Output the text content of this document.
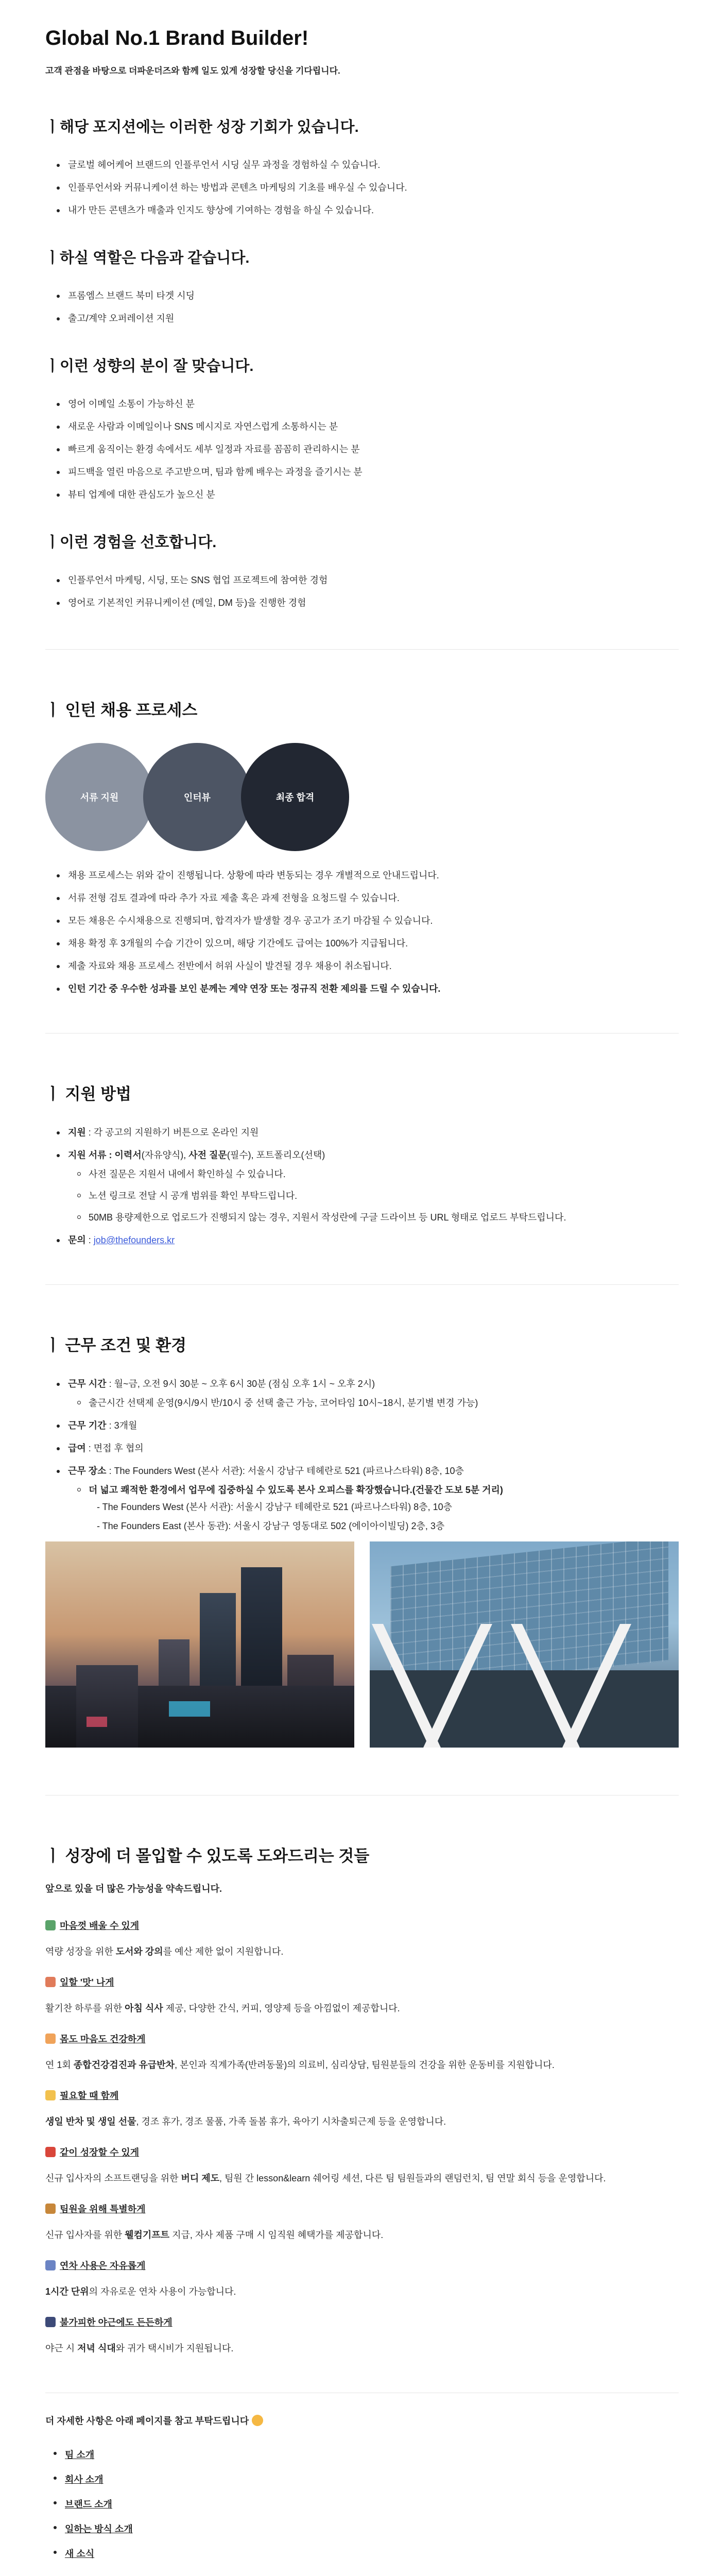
Global No.1 Brand Builder!

고객 관점을 바탕으로 더파운더즈와 함께 일도 있게 성장할 당신을 기다립니다.

ㅣ해당 포지션에는 이러한 성장 기회가 있습니다.
글로벌 헤어케어 브랜드의 인플루언서 시딩 실무 과정을 경험하실 수 있습니다.
인플루언서와 커뮤니케이션 하는 방법과 콘텐츠 마케팅의 기초를 배우실 수 있습니다.
내가 만든 콘텐츠가 매출과 인지도 향상에 기여하는 경험을 하실 수 있습니다.
ㅣ하실 역할은 다음과 같습니다.
프롬엠스 브랜드 북미 타겟 시딩
출고/계약 오퍼레이션 지원
ㅣ이런 성향의 분이 잘 맞습니다.
영어 이메일 소통이 가능하신 분
새로운 사람과 이메일이나 SNS 메시지로 자연스럽게 소통하시는 분
빠르게 움직이는 환경 속에서도 세부 일정과 자료를 꼼꼼히 관리하시는 분
피드백을 열린 마음으로 주고받으며, 팀과 함께 배우는 과정을 즐기시는 분
뷰티 업계에 대한 관심도가 높으신 분
ㅣ이런 경험을 선호합니다.
인플루언서 마케팅, 시딩, 또는 SNS 협업 프로젝트에 참여한 경험
영어로 기본적인 커뮤니케이션 (메일, DM 등)을 진행한 경험
ㅣ 인턴 채용 프로세스
서류 지원	인터뷰	최종 합격
채용 프로세스는 위와 같이 진행됩니다. 상황에 따라 변동되는 경우 개별적으로 안내드립니다.
서류 전형 검토 결과에 따라 추가 자료 제출 혹은 과제 전형을 요청드릴 수 있습니다.
모든 채용은 수시채용으로 진행되며, 합격자가 발생할 경우 공고가 조기 마감될 수 있습니다.
채용 확정 후 3개월의 수습 기간이 있으며, 해당 기간에도 급여는 100%가 지급됩니다.
제출 자료와 채용 프로세스 전반에서 허위 사실이 발견될 경우 채용이 취소됩니다.
인턴 기간 중 우수한 성과를 보인 분께는 계약 연장 또는 정규직 전환 제의를 드릴 수 있습니다.
ㅣ 지원 방법
지원 : 각 공고의 지원하기 버튼으로 온라인 지원
지원 서류 : 이력서(자유양식), 사전 질문(필수), 포트폴리오(선택)
사전 질문은 지원서 내에서 확인하실 수 있습니다.
노션 링크로 전달 시 공개 범위를 확인 부탁드립니다.
50MB 용량제한으로 업로드가 진행되지 않는 경우, 지원서 작성란에 구글 드라이브 등 URL 형태로 업로드 부탁드립니다.
문의 : job@thefounders.kr
ㅣ 근무 조건 및 환경
근무 시간 : 월~금, 오전 9시 30분 ~ 오후 6시 30분 (점심 오후 1시 ~ 오후 2시)
출근시간 선택제 운영(9시/9시 반/10시 중 선택 출근 가능, 코어타임 10시~18시, 분기별 변경 가능)
근무 기간 : 3개월
급여 : 면접 후 협의
근무 장소 : The Founders West (본사 서관): 서울시 강남구 테헤란로 521 (파르나스타워) 8층, 10층
더 넓고 쾌적한 환경에서 업무에 집중하실 수 있도록 본사 오피스를 확장했습니다.(건물간 도보 5분 거리)
- The Founders West (본사 서관): 서울시 강남구 테헤란로 521 (파르나스타워) 8층, 10층
- The Founders East (본사 동관): 서울시 강남구 영동대로 502 (에이아이빌딩) 2층, 3층
ㅣ 성장에 더 몰입할 수 있도록 도와드리는 것들

앞으로 있을 더 많은 가능성을 약속드립니다.

마음껏 배울 수 있게

역량 성장을 위한 도서와 강의를 예산 제한 없이 지원합니다.

일할 '맛' 나게

활기찬 하루를 위한 아침 식사 제공, 다양한 간식, 커피, 영양제 등을 아낌없이 제공합니다.

몸도 마음도 건강하게

연 1회 종합건강검진과 유급반차, 본인과 직계가족(반려동물)의 의료비, 심리상담, 팀원분들의 건강을 위한 운동비를 지원합니다.

필요할 때 함께

생일 반차 및 생일 선물, 경조 휴가, 경조 물품, 가족 돌봄 휴가, 육아기 시차출퇴근제 등을 운영합니다.

같이 성장할 수 있게

신규 입사자의 소프트랜딩을 위한 버디 제도, 팀원 간 lesson&learn 쉐어링 세션, 다른 팀 팀원들과의 랜덤런치, 팀 연말 회식 등을 운영합니다.

팀원을 위해 특별하게

신규 입사자를 위한 웰컴기프트 지급, 자사 제품 구매 시 임직원 혜택가를 제공합니다.

연차 사용은 자유롭게

1시간 단위의 자유로운 연차 사용이 가능합니다.

불가피한 야근에도 든든하게

야근 시 저녁 식대와 귀가 택시비가 지원됩니다.

더 자세한 사항은 아래 페이지를 참고 부탁드립니다

팀 소개
회사 소개
브랜드 소개
일하는 방식 소개
새 소식
